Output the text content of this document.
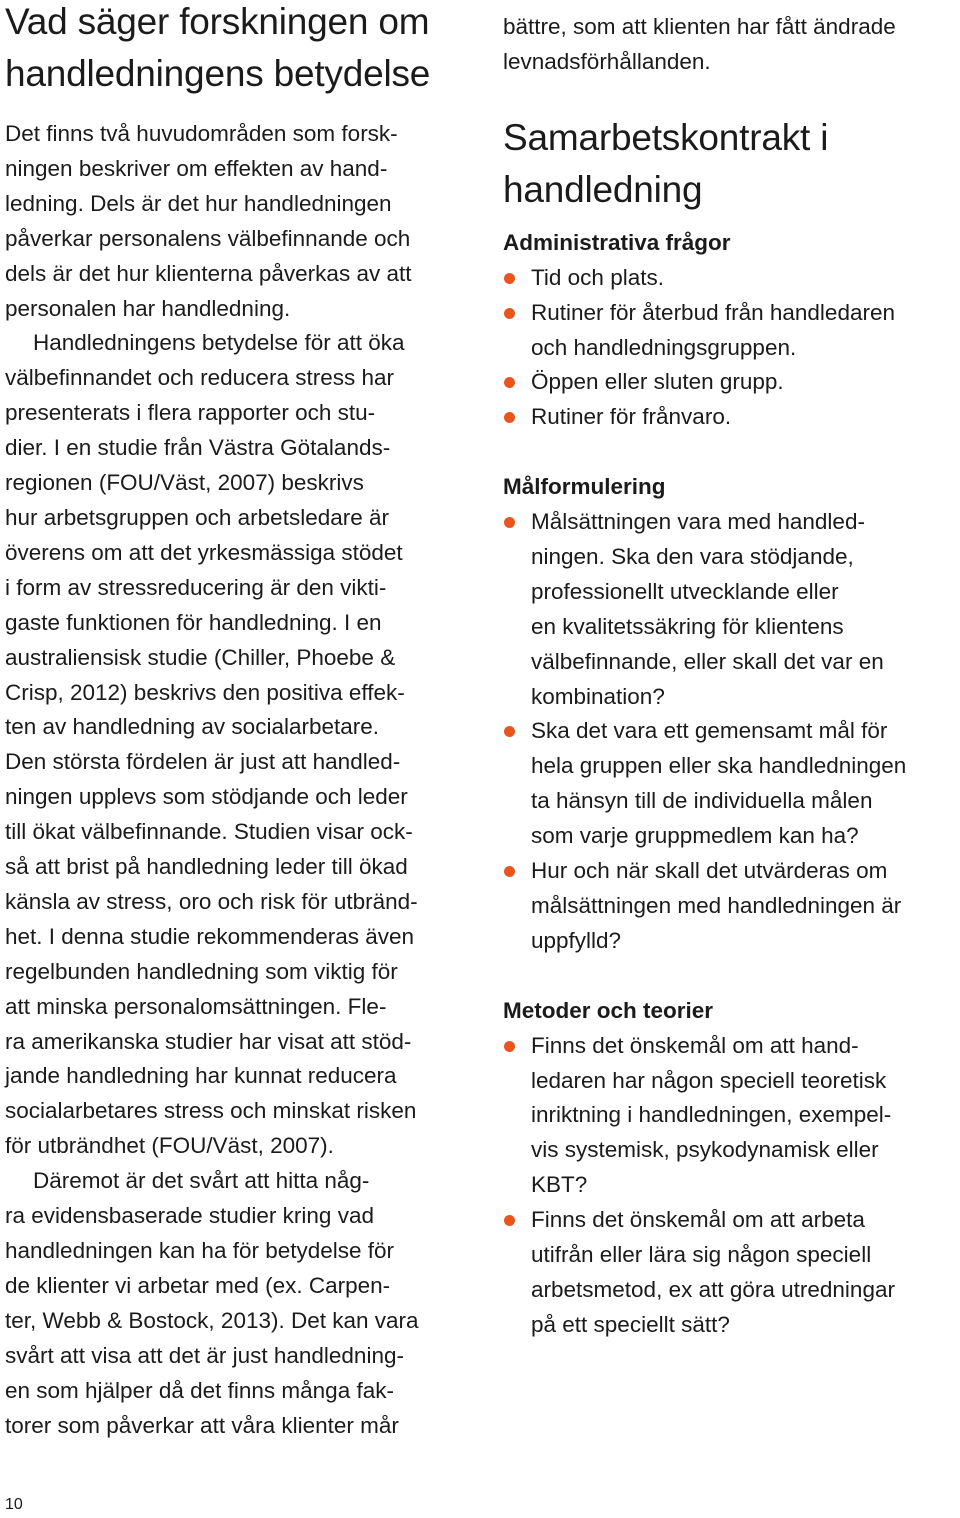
Vad säger forskningen om
handledningens betydelse
Det finns två huvudområden som forsk-
ningen beskriver om effekten av hand-
ledning. Dels är det hur handledningen
påverkar personalens välbefinnande och
dels är det hur klienterna påverkas av att
personalen har handledning.
Handledningens betydelse för att öka
välbefinnandet och reducera stress har
presenterats i flera rapporter och stu-
dier. I en studie från Västra Götalands-
regionen (FOU/Väst, 2007) beskrivs
hur arbetsgruppen och arbetsledare är
överens om att det yrkesmässiga stödet
i form av stressreducering är den vikti-
gaste funktionen för handledning. I en
australiensisk studie (Chiller, Phoebe &
Crisp, 2012) beskrivs den positiva effek-
ten av handledning av socialarbetare.
Den största fördelen är just att handled-
ningen upplevs som stödjande och leder
till ökat välbefinnande. Studien visar ock-
så att brist på handledning leder till ökad
känsla av stress, oro och risk för utbränd-
het. I denna studie rekommenderas även
regelbunden handledning som viktig för
att minska personalomsättningen. Fle-
ra amerikanska studier har visat att stöd-
jande handledning har kunnat reducera
socialarbetares stress och minskat risken
för utbrändhet (FOU/Väst, 2007).
Däremot är det svårt att hitta någ-
ra evidensbaserade studier kring vad
handledningen kan ha för betydelse för
de klienter vi arbetar med (ex. Carpen-
ter, Webb & Bostock, 2013). Det kan vara
svårt att visa att det är just handledning-
en som hjälper då det finns många fak-
torer som påverkar att våra klienter mår
bättre, som att klienten har fått ändrade
levnadsförhållanden.
Samarbetskontrakt i
handledning
Administrativa frågor
Tid och plats.
Rutiner för återbud från handledaren
och handledningsgruppen.
Öppen eller sluten grupp.
Rutiner för frånvaro.
Målformulering
Målsättningen vara med handled-
ningen. Ska den vara stödjande,
professionellt utvecklande eller
en kvalitetssäkring för klientens
välbefinnande, eller skall det var en
kombination?
Ska det vara ett gemensamt mål för
hela gruppen eller ska handledningen
ta hänsyn till de individuella målen
som varje gruppmedlem kan ha?
Hur och när skall det utvärderas om
målsättningen med handledningen är
uppfylld?
Metoder och teorier
Finns det önskemål om att hand-
ledaren har någon speciell teoretisk
inriktning i handledningen, exempel-
vis systemisk, psykodynamisk eller
KBT?
Finns det önskemål om att arbeta
utifrån eller lära sig någon speciell
arbetsmetod, ex att göra utredningar
på ett speciellt sätt?
10
